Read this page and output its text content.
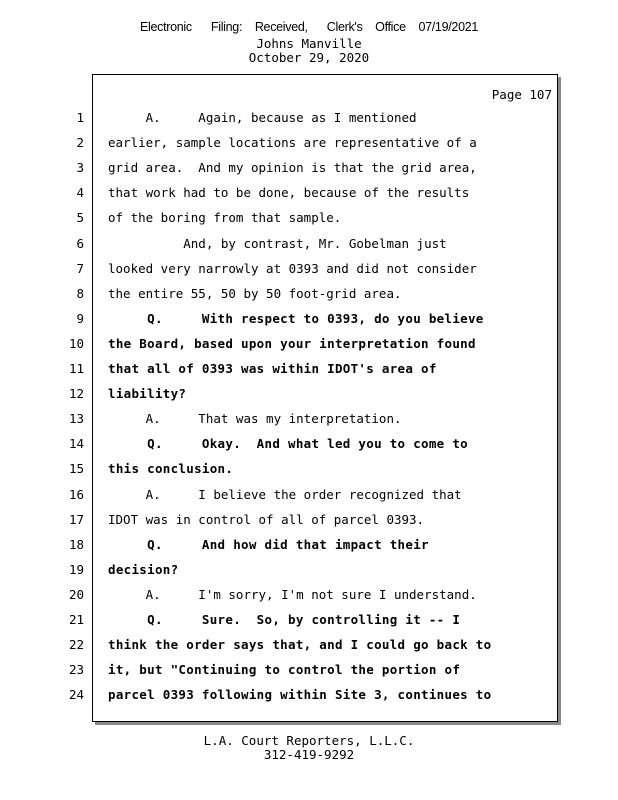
Electronic      Filing:    Received,      Clerk's    Office    07/19/2021
Johns Manville
October 29, 2020
Page 107
1 A.     Again, because as I mentioned
2 earlier, sample locations are representative of a
3 grid area.  And my opinion is that the grid area,
4 that work had to be done, because of the results
5 of the boring from that sample.
6 And, by contrast, Mr. Gobelman just
7 looked very narrowly at 0393 and did not consider
8 the entire 55, 50 by 50 foot-grid area.
9 Q.     With respect to 0393, do you believe
10 the Board, based upon your interpretation found
11 that all of 0393 was within IDOT's area of
12 liability?
13 A.     That was my interpretation.
14 Q.     Okay.  And what led you to come to
15 this conclusion.
16 A.     I believe the order recognized that
17 IDOT was in control of all of parcel 0393.
18 Q.     And how did that impact their
19 decision?
20 A.     I'm sorry, I'm not sure I understand.
21 Q.     Sure.  So, by controlling it -- I
22 think the order says that, and I could go back to
23 it, but "Continuing to control the portion of
24 parcel 0393 following within Site 3, continues to
L.A. Court Reporters, L.L.C.
312-419-9292
